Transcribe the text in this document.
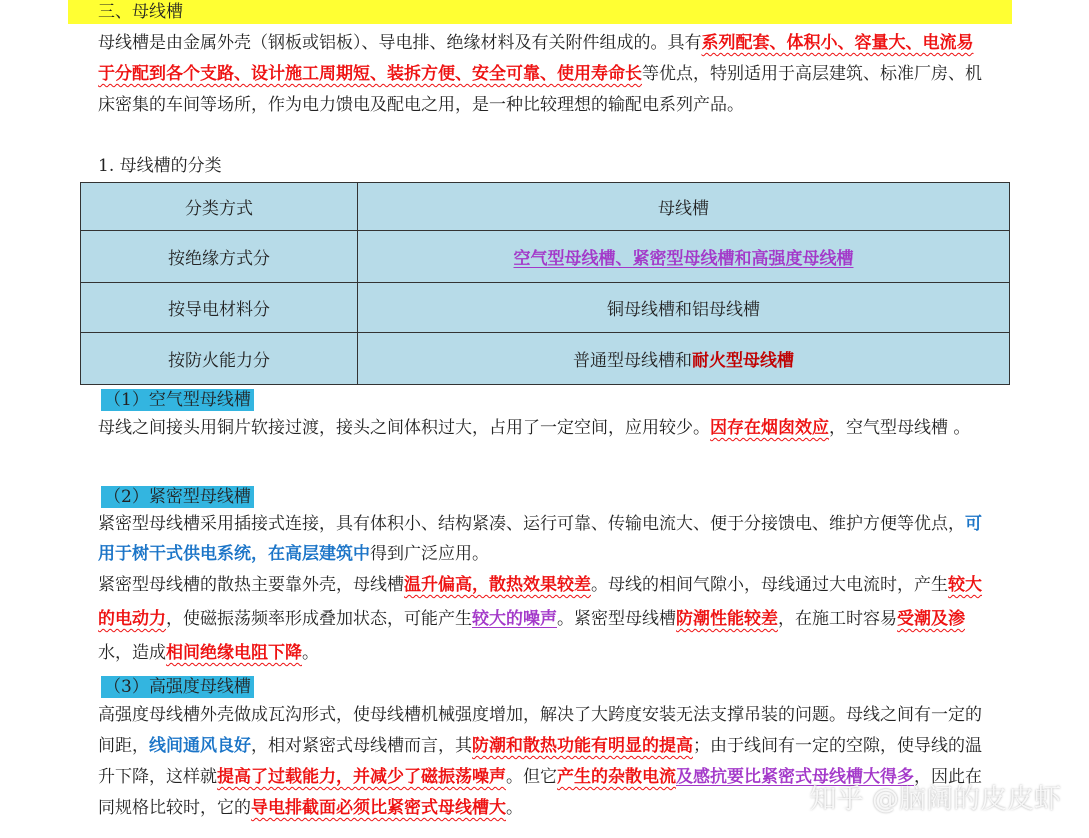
三、母线槽

母线槽是由金属外壳（钢板或铝板）、导电排、绝缘材料及有关附件组成的。具有系列配套、体积小、容量大、电流易于分配到各个支路、设计施工周期短、装拆方便、安全可靠、使用寿命长等优点，特别适用于高层建筑、标准厂房、机床密集的车间等场所，作为电力馈电及配电之用，是一种比较理想的输配电系列产品。

1. 母线槽的分类

分类方式	母线槽
按绝缘方式分	空气型母线槽、紧密型母线槽和高强度母线槽
按导电材料分	铜母线槽和铝母线槽
按防火能力分	普通型母线槽和耐火型母线槽
（1）空气型母线槽

母线之间接头用铜片软接过渡，接头之间体积过大，占用了一定空间，应用较少。因存在烟囱效应，空气型母线槽 。

（2）紧密型母线槽

紧密型母线槽采用插接式连接，具有体积小、结构紧凑、运行可靠、传输电流大、便于分接馈电、维护方便等优点，可用于树干式供电系统，在高层建筑中得到广泛应用。

紧密型母线槽的散热主要靠外壳，母线槽温升偏高，散热效果较差。母线的相间气隙小，母线通过大电流时，产生较大的电动力，使磁振荡频率形成叠加状态，可能产生较大的噪声。紧密型母线槽防潮性能较差，在施工时容易受潮及渗水，造成相间绝缘电阻下降。

（3）高强度母线槽

高强度母线槽外壳做成瓦沟形式，使母线槽机械强度增加，解决了大跨度安装无法支撑吊装的问题。母线之间有一定的间距，线间通风良好，相对紧密式母线槽而言，其防潮和散热功能有明显的提高；由于线间有一定的空隙，使导线的温升下降，这样就提高了过载能力，并减少了磁振荡噪声。但它产生的杂散电流及感抗要比紧密式母线槽大得多，因此在同规格比较时，它的导电排截面必须比紧密式母线槽大。	知乎 @脑阔的皮皮虾
